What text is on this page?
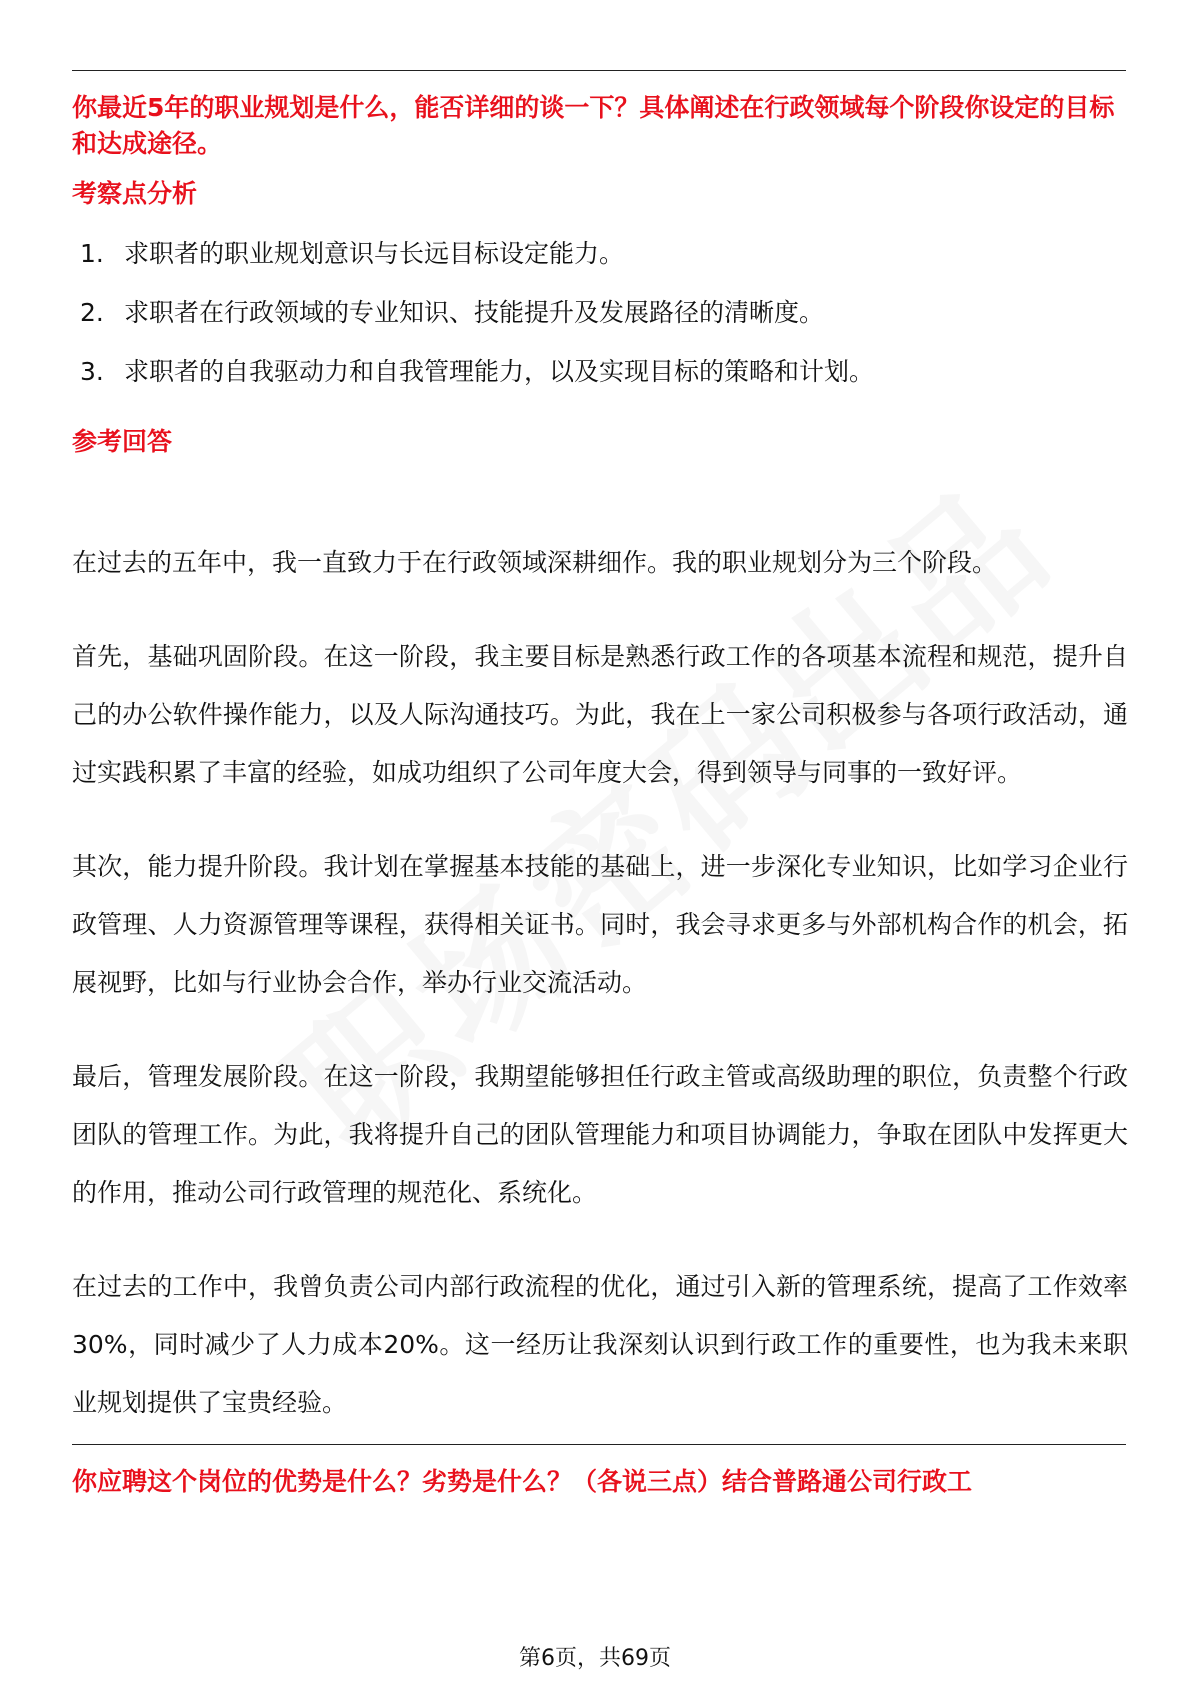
你最近5年的职业规划是什么，能否详细的谈一下？具体阐述在行政领域每个阶段你设定的目标和达成途径。

考察点分析
1. 求职者的职业规划意识与长远目标设定能力。
2. 求职者在行政领域的专业知识、技能提升及发展路径的清晰度。
3. 求职者的自我驱动力和自我管理能力，以及实现目标的策略和计划。
参考回答

在过去的五年中，我一直致力于在行政领域深耕细作。我的职业规划分为三个阶段。

首先，基础巩固阶段。在这一阶段，我主要目标是熟悉行政工作的各项基本流程和规范，提升自己的办公软件操作能力，以及人际沟通技巧。为此，我在上一家公司积极参与各项行政活动，通过实践积累了丰富的经验，如成功组织了公司年度大会，得到领导与同事的一致好评。

其次，能力提升阶段。我计划在掌握基本技能的基础上，进一步深化专业知识，比如学习企业行政管理、人力资源管理等课程，获得相关证书。同时，我会寻求更多与外部机构合作的机会，拓展视野，比如与行业协会合作，举办行业交流活动。

最后，管理发展阶段。在这一阶段，我期望能够担任行政主管或高级助理的职位，负责整个行政团队的管理工作。为此，我将提升自己的团队管理能力和项目协调能力，争取在团队中发挥更大的作用，推动公司行政管理的规范化、系统化。

在过去的工作中，我曾负责公司内部行政流程的优化，通过引入新的管理系统，提高了工作效率30%，同时减少了人力成本20%。这一经历让我深刻认识到行政工作的重要性，也为我未来职业规划提供了宝贵经验。

你应聘这个岗位的优势是什么？劣势是什么？（各说三点）结合普路通公司行政工

第6页，共69页
